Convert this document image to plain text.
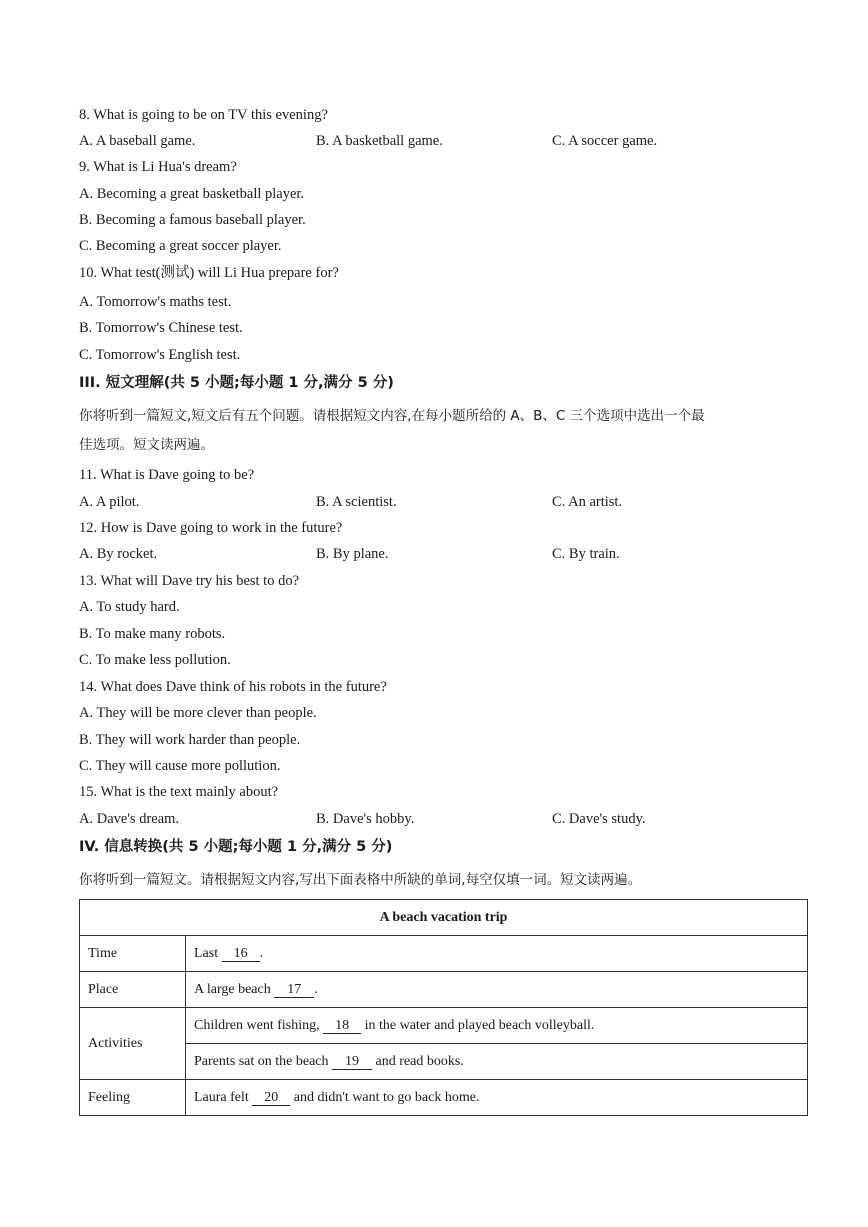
8. What is going to be on TV this evening?
A. A baseball game.	B. A basketball game.	C. A soccer game.
9. What is Li Hua's dream?
A. Becoming a great basketball player.
B. Becoming a famous baseball player.
C. Becoming a great soccer player.
10. What test(测试) will Li Hua prepare for?
A. Tomorrow's maths test.
B. Tomorrow's Chinese test.
C. Tomorrow's English test.
III. 短文理解(共 5 小题;每小题 1 分,满分 5 分)
你将听到一篇短文,短文后有五个问题。请根据短文内容,在每小题所给的 A、B、C 三个选项中选出一个最
佳选项。短文读两遍。
11. What is Dave going to be?
A. A pilot.	B. A scientist.	C. An artist.
12. How is Dave going to work in the future?
A. By rocket.	B. By plane.	C. By train.
13. What will Dave try his best to do?
A. To study hard.
B. To make many robots.
C. To make less pollution.
14. What does Dave think of his robots in the future?
A. They will be more clever than people.
B. They will work harder than people.
C. They will cause more pollution.
15. What is the text mainly about?
A. Dave's dream.	B. Dave's hobby.	C. Dave's study.
IV. 信息转换(共 5 小题;每小题 1 分,满分 5 分)
你将听到一篇短文。请根据短文内容,写出下面表格中所缺的单词,每空仅填一词。短文读两遍。
A beach vacation trip	
Time	Last 16 .
Place	A large beach 17 .
Activities	Children went fishing, 18 in the water and played beach volleyball.
	Parents sat on the beach 19 and read books.
Feeling	Laura felt 20 and didn't want to go back home.
